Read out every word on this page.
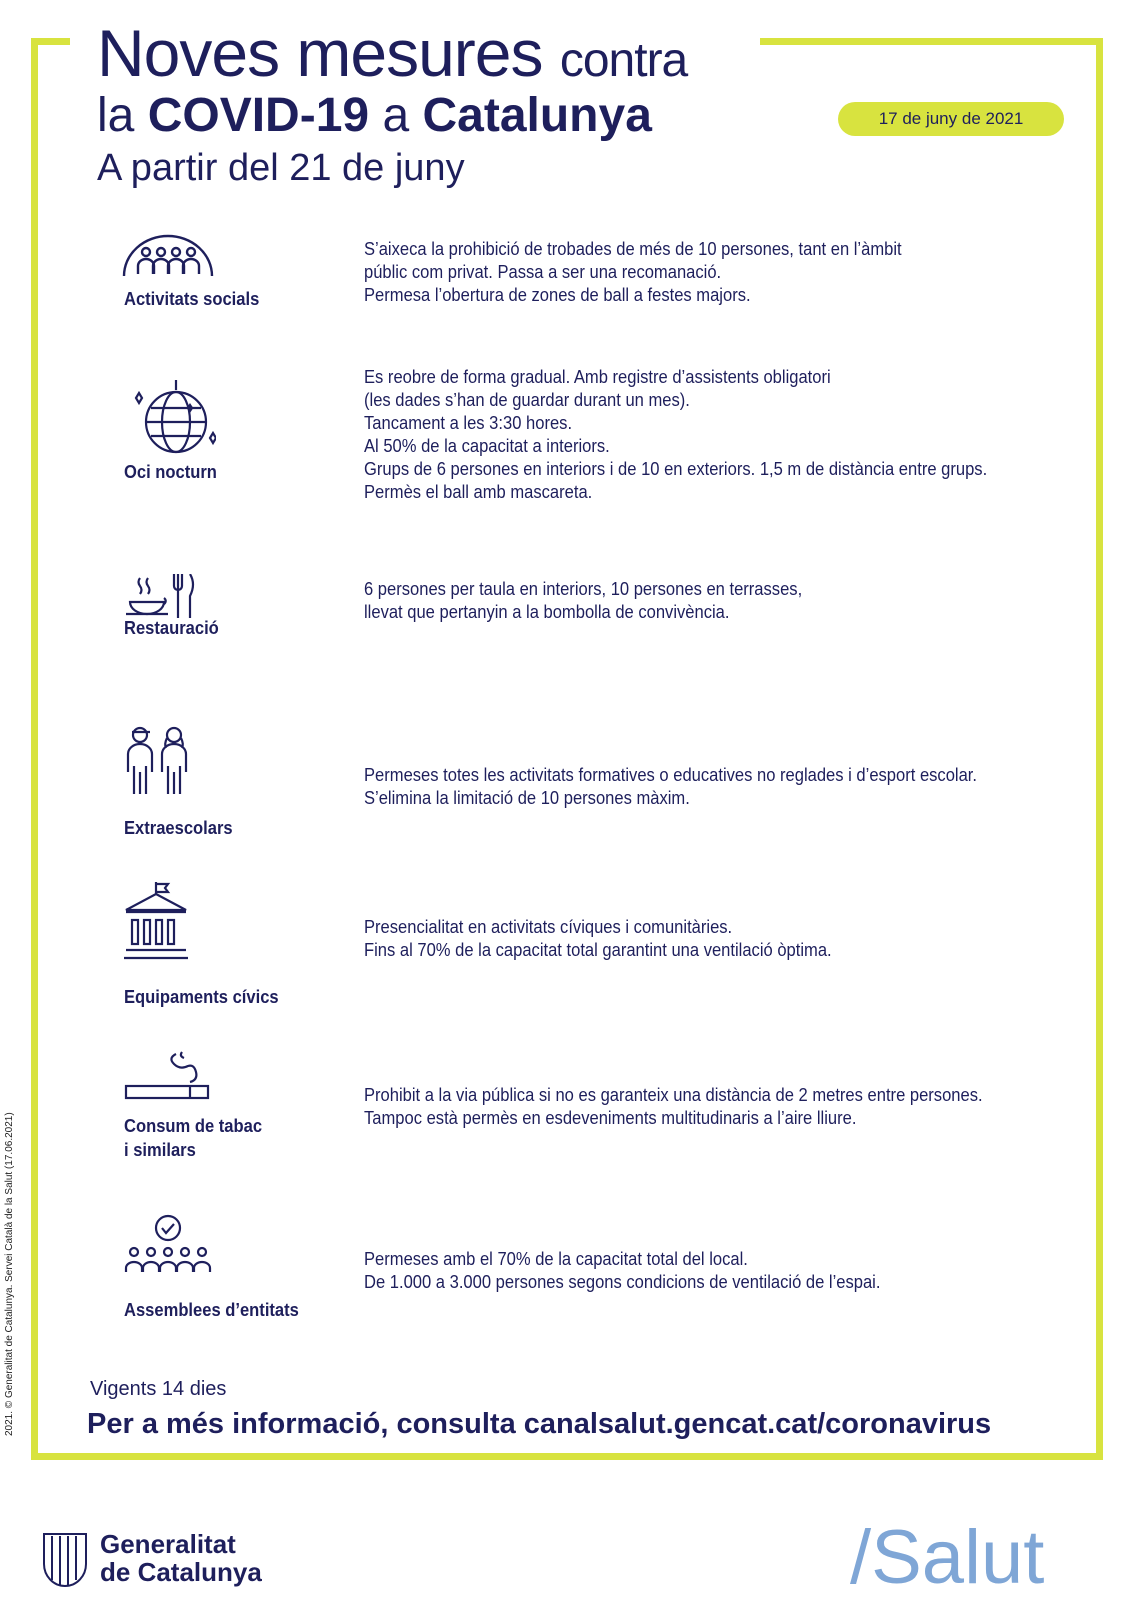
Noves mesures contra
la COVID-19 a Catalunya
A partir del 21 de juny
17 de juny de 2021
Activitats socials
S’aixeca la prohibició de trobades de més de 10 persones, tant en l’àmbit
públic com privat. Passa a ser una recomanació.
Permesa l’obertura de zones de ball a festes majors.
Oci nocturn
Es reobre de forma gradual. Amb registre d’assistents obligatori
(les dades s’han de guardar durant un mes).
Tancament a les 3:30 hores.
Al 50% de la capacitat a interiors.
Grups de 6 persones en interiors i de 10 en exteriors. 1,5 m de distància entre grups.
Permès el ball amb mascareta.
Restauració
6 persones per taula en interiors, 10 persones en terrasses,
llevat que pertanyin a la bombolla de convivència.
Extraescolars
Permeses totes les activitats formatives o educatives no reglades i d’esport escolar.
S’elimina la limitació de 10 persones màxim.
Equipaments cívics
Presencialitat en activitats cíviques i comunitàries.
Fins al 70% de la capacitat total garantint una ventilació òptima.
Consum de tabac
i similars
Prohibit a la via pública si no es garanteix una distància de 2 metres entre persones.
Tampoc està permès en esdeveniments multitudinaris a l’aire lliure.
Assemblees d’entitats
Permeses amb el 70% de la capacitat total del local.
De 1.000 a 3.000 persones segons condicions de ventilació de l’espai.
Vigents 14 dies
Per a més informació, consulta canalsalut.gencat.cat/coronavirus
2021. © Generalitat de Catalunya. Servei Català de la Salut (17.06.2021)
Generalitat
de Catalunya	/Salut
